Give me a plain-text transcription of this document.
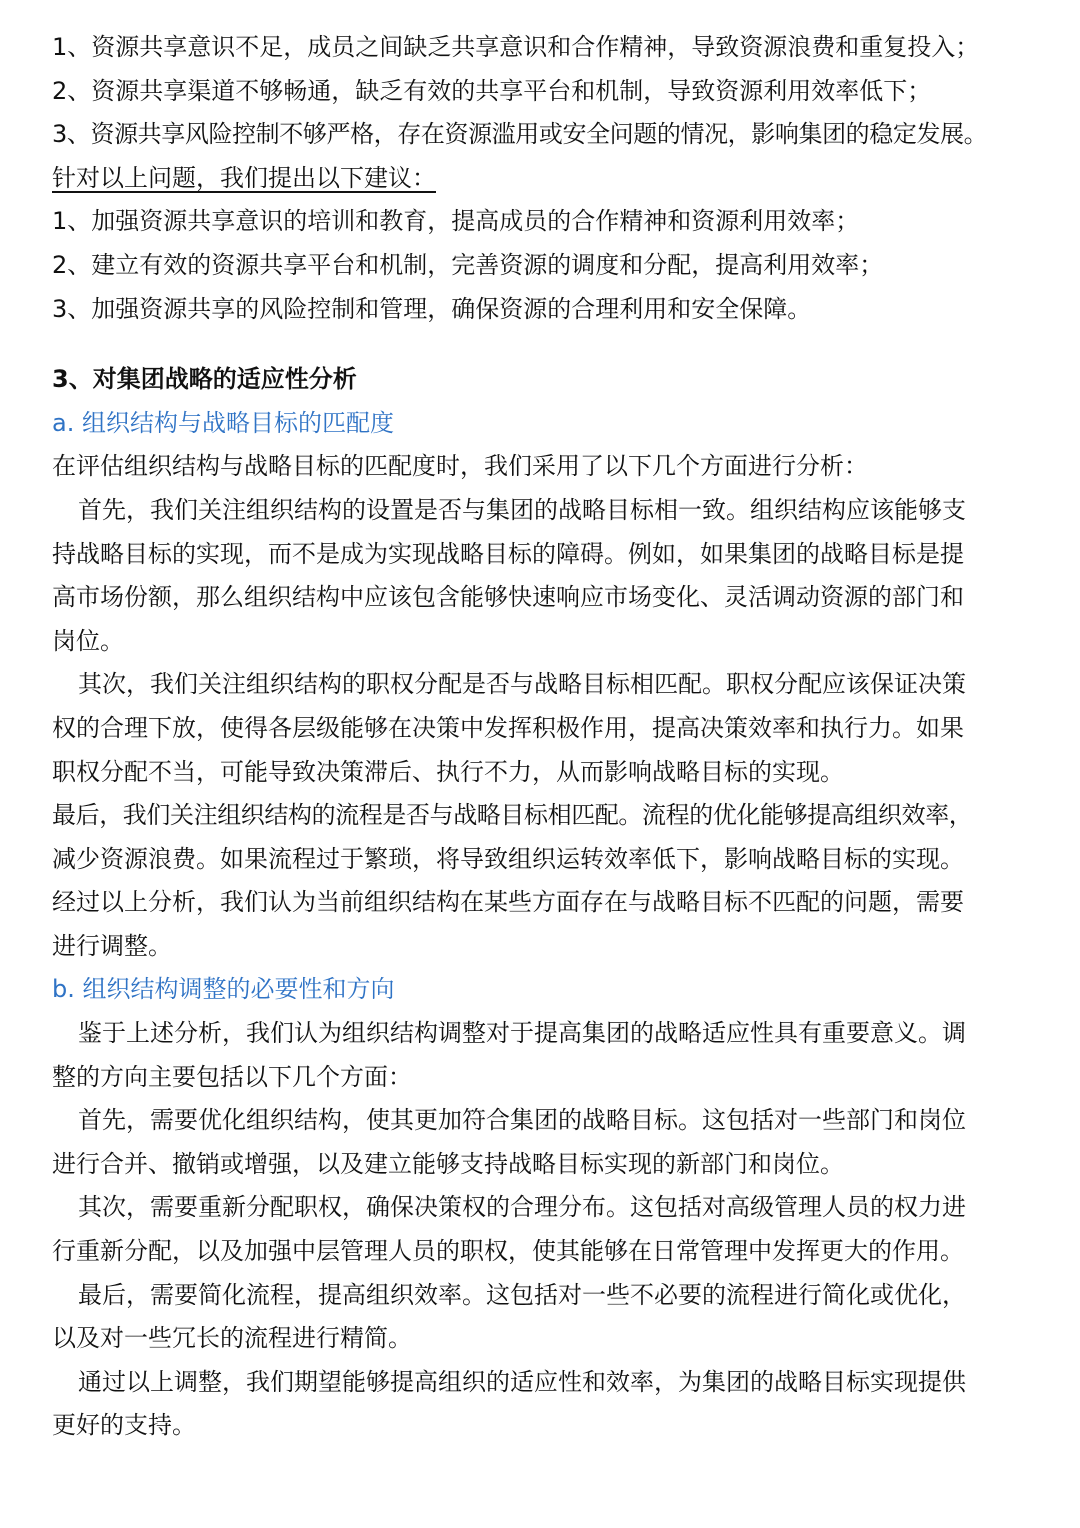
1、资源共享意识不足，成员之间缺乏共享意识和合作精神，导致资源浪费和重复投入；

2、资源共享渠道不够畅通，缺乏有效的共享平台和机制，导致资源利用效率低下；

3、资源共享风险控制不够严格，存在资源滥用或安全问题的情况，影响集团的稳定发展。

针对以上问题，我们提出以下建议：

1、加强资源共享意识的培训和教育，提高成员的合作精神和资源利用效率；

2、建立有效的资源共享平台和机制，完善资源的调度和分配，提高利用效率；

3、加强资源共享的风险控制和管理，确保资源的合理利用和安全保障。

3、对集团战略的适应性分析

a. 组织结构与战略目标的匹配度

在评估组织结构与战略目标的匹配度时，我们采用了以下几个方面进行分析：

首先，我们关注组织结构的设置是否与集团的战略目标相一致。组织结构应该能够支

持战略目标的实现，而不是成为实现战略目标的障碍。例如，如果集团的战略目标是提

高市场份额，那么组织结构中应该包含能够快速响应市场变化、灵活调动资源的部门和

岗位。

其次，我们关注组织结构的职权分配是否与战略目标相匹配。职权分配应该保证决策

权的合理下放，使得各层级能够在决策中发挥积极作用，提高决策效率和执行力。如果

职权分配不当，可能导致决策滞后、执行不力，从而影响战略目标的实现。

最后，我们关注组织结构的流程是否与战略目标相匹配。流程的优化能够提高组织效率，

减少资源浪费。如果流程过于繁琐，将导致组织运转效率低下，影响战略目标的实现。

经过以上分析，我们认为当前组织结构在某些方面存在与战略目标不匹配的问题，需要

进行调整。

b. 组织结构调整的必要性和方向

鉴于上述分析，我们认为组织结构调整对于提高集团的战略适应性具有重要意义。调

整的方向主要包括以下几个方面：

首先，需要优化组织结构，使其更加符合集团的战略目标。这包括对一些部门和岗位

进行合并、撤销或增强，以及建立能够支持战略目标实现的新部门和岗位。

其次，需要重新分配职权，确保决策权的合理分布。这包括对高级管理人员的权力进

行重新分配，以及加强中层管理人员的职权，使其能够在日常管理中发挥更大的作用。

最后，需要简化流程，提高组织效率。这包括对一些不必要的流程进行简化或优化，

以及对一些冗长的流程进行精简。

通过以上调整，我们期望能够提高组织的适应性和效率，为集团的战略目标实现提供

更好的支持。
